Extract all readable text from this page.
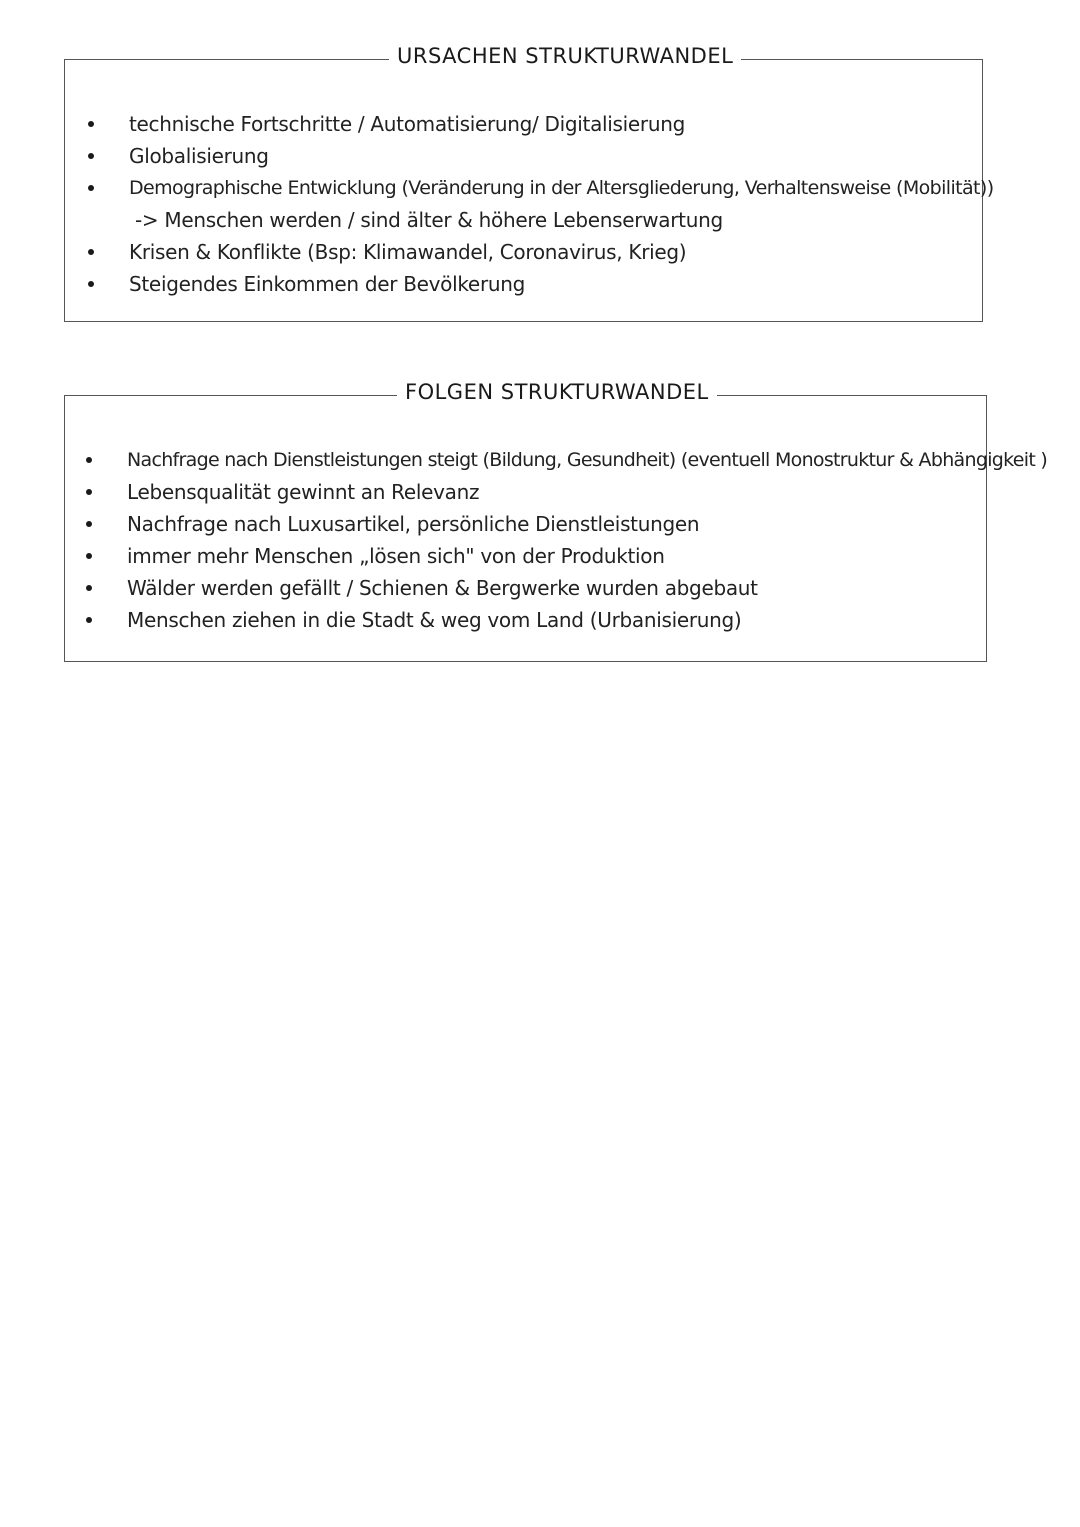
URSACHEN STRUKTURWANDEL
technische Fortschritte / Automatisierung/ Digitalisierung
Globalisierung
Demographische Entwicklung (Veränderung in der Altersgliederung, Verhaltensweise (Mobilität))
-> Menschen werden / sind älter & höhere Lebenserwartung
Krisen & Konflikte (Bsp: Klimawandel, Coronavirus, Krieg)
Steigendes Einkommen der Bevölkerung
FOLGEN STRUKTURWANDEL
Nachfrage nach Dienstleistungen steigt (Bildung, Gesundheit) (eventuell Monostruktur & Abhängigkeit )
Lebensqualität gewinnt an Relevanz
Nachfrage nach Luxusartikel, persönliche Dienstleistungen
immer mehr Menschen „lösen sich" von der Produktion
Wälder werden gefällt / Schienen & Bergwerke wurden abgebaut
Menschen ziehen in die Stadt & weg vom Land (Urbanisierung)
